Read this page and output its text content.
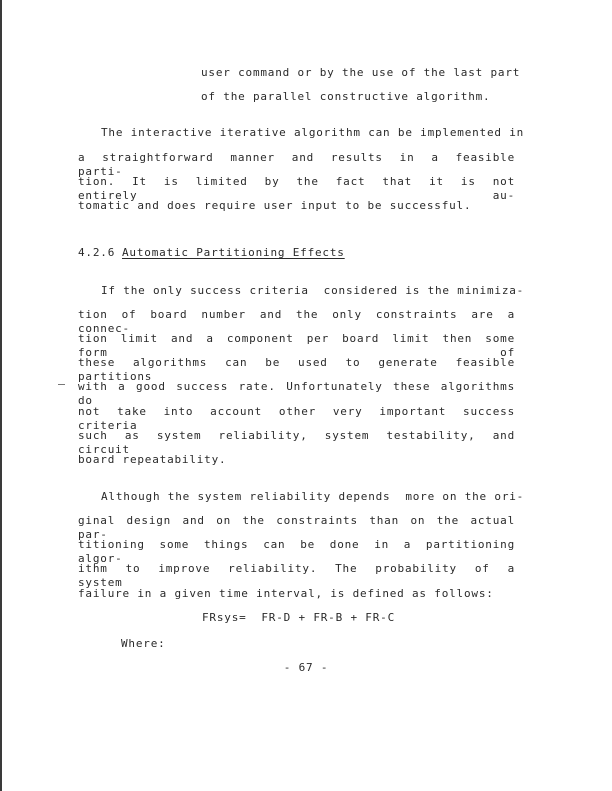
user command or by the use of the last part
of the parallel constructive algorithm.
The interactive iterative algorithm can be implemented in
a straightforward manner and results in a feasible parti-
tion. It is limited by the fact that it is not entirely au-
tomatic and does require user input to be successful.
4.2.6 Automatic Partitioning Effects
If the only success criteria  considered is the minimiza-
tion of board number and the only constraints are a connec-
tion limit and a component per board limit then some form of
these algorithms can be used to generate feasible partitions
with a good success rate. Unfortunately these algorithms do
not take into account other very important success criteria
such as system reliability, system testability, and circuit
board repeatability.
Although the system reliability depends  more on the ori-
ginal design and on the constraints than on the actual par-
titioning some things can be done in a partitioning algor-
ithm to improve reliability. The probability of a system
failure in a given time interval, is defined as follows:
FRsys=  FR-D + FR-B + FR-C
Where:
- 67 -
